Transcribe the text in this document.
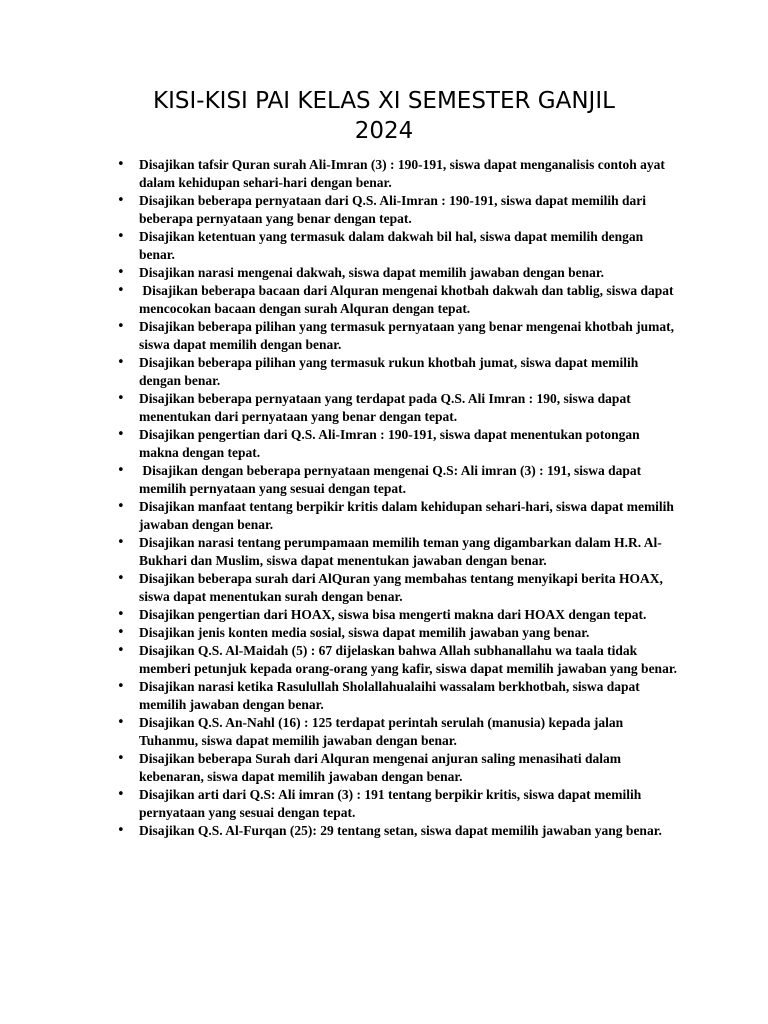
KISI-KISI PAI KELAS XI SEMESTER GANJIL
2024
• Disajikan tafsir Quran surah Ali-Imran (3) : 190-191, siswa dapat menganalisis contoh ayat dalam kehidupan sehari-hari dengan benar.
• Disajikan beberapa pernyataan dari Q.S. Ali-Imran : 190-191, siswa dapat memilih dari beberapa pernyataan yang benar dengan tepat.
• Disajikan ketentuan yang termasuk dalam dakwah bil hal, siswa dapat memilih dengan benar.
• Disajikan narasi mengenai dakwah, siswa dapat memilih jawaban dengan benar.
•  Disajikan beberapa bacaan dari Alquran mengenai khotbah dakwah dan tablig, siswa dapat mencocokan bacaan dengan surah Alquran dengan tepat.
• Disajikan beberapa pilihan yang termasuk pernyataan yang benar mengenai khotbah jumat, siswa dapat memilih dengan benar.
• Disajikan beberapa pilihan yang termasuk rukun khotbah jumat, siswa dapat memilih dengan benar.
• Disajikan beberapa pernyataan yang terdapat pada Q.S. Ali Imran : 190, siswa dapat menentukan dari pernyataan yang benar dengan tepat.
• Disajikan pengertian dari Q.S. Ali-Imran : 190-191, siswa dapat menentukan potongan makna dengan tepat.
•  Disajikan dengan beberapa pernyataan mengenai Q.S: Ali imran (3) : 191, siswa dapat memilih pernyataan yang sesuai dengan tepat.
• Disajikan manfaat tentang berpikir kritis dalam kehidupan sehari-hari, siswa dapat memilih jawaban dengan benar.
• Disajikan narasi tentang perumpamaan memilih teman yang digambarkan dalam H.R. Al-Bukhari dan Muslim, siswa dapat menentukan jawaban dengan benar.
• Disajikan beberapa surah dari AlQuran yang membahas tentang menyikapi berita HOAX, siswa dapat menentukan surah dengan benar.
• Disajikan pengertian dari HOAX, siswa bisa mengerti makna dari HOAX dengan tepat.
• Disajikan jenis konten media sosial, siswa dapat memilih jawaban yang benar.
• Disajikan Q.S. Al-Maidah (5) : 67 dijelaskan bahwa Allah subhanallahu wa taala tidak memberi petunjuk kepada orang-orang yang kafir, siswa dapat memilih jawaban yang benar.
• Disajikan narasi ketika Rasulullah Sholallahualaihi wassalam berkhotbah, siswa dapat memilih jawaban dengan benar.
• Disajikan Q.S. An-Nahl (16) : 125 terdapat perintah serulah (manusia) kepada jalan Tuhanmu, siswa dapat memilih jawaban dengan benar.
• Disajikan beberapa Surah dari Alquran mengenai anjuran saling menasihati dalam kebenaran, siswa dapat memilih jawaban dengan benar.
• Disajikan arti dari Q.S: Ali imran (3) : 191 tentang berpikir kritis, siswa dapat memilih pernyataan yang sesuai dengan tepat.
• Disajikan Q.S. Al-Furqan (25): 29 tentang setan, siswa dapat memilih jawaban yang benar.
